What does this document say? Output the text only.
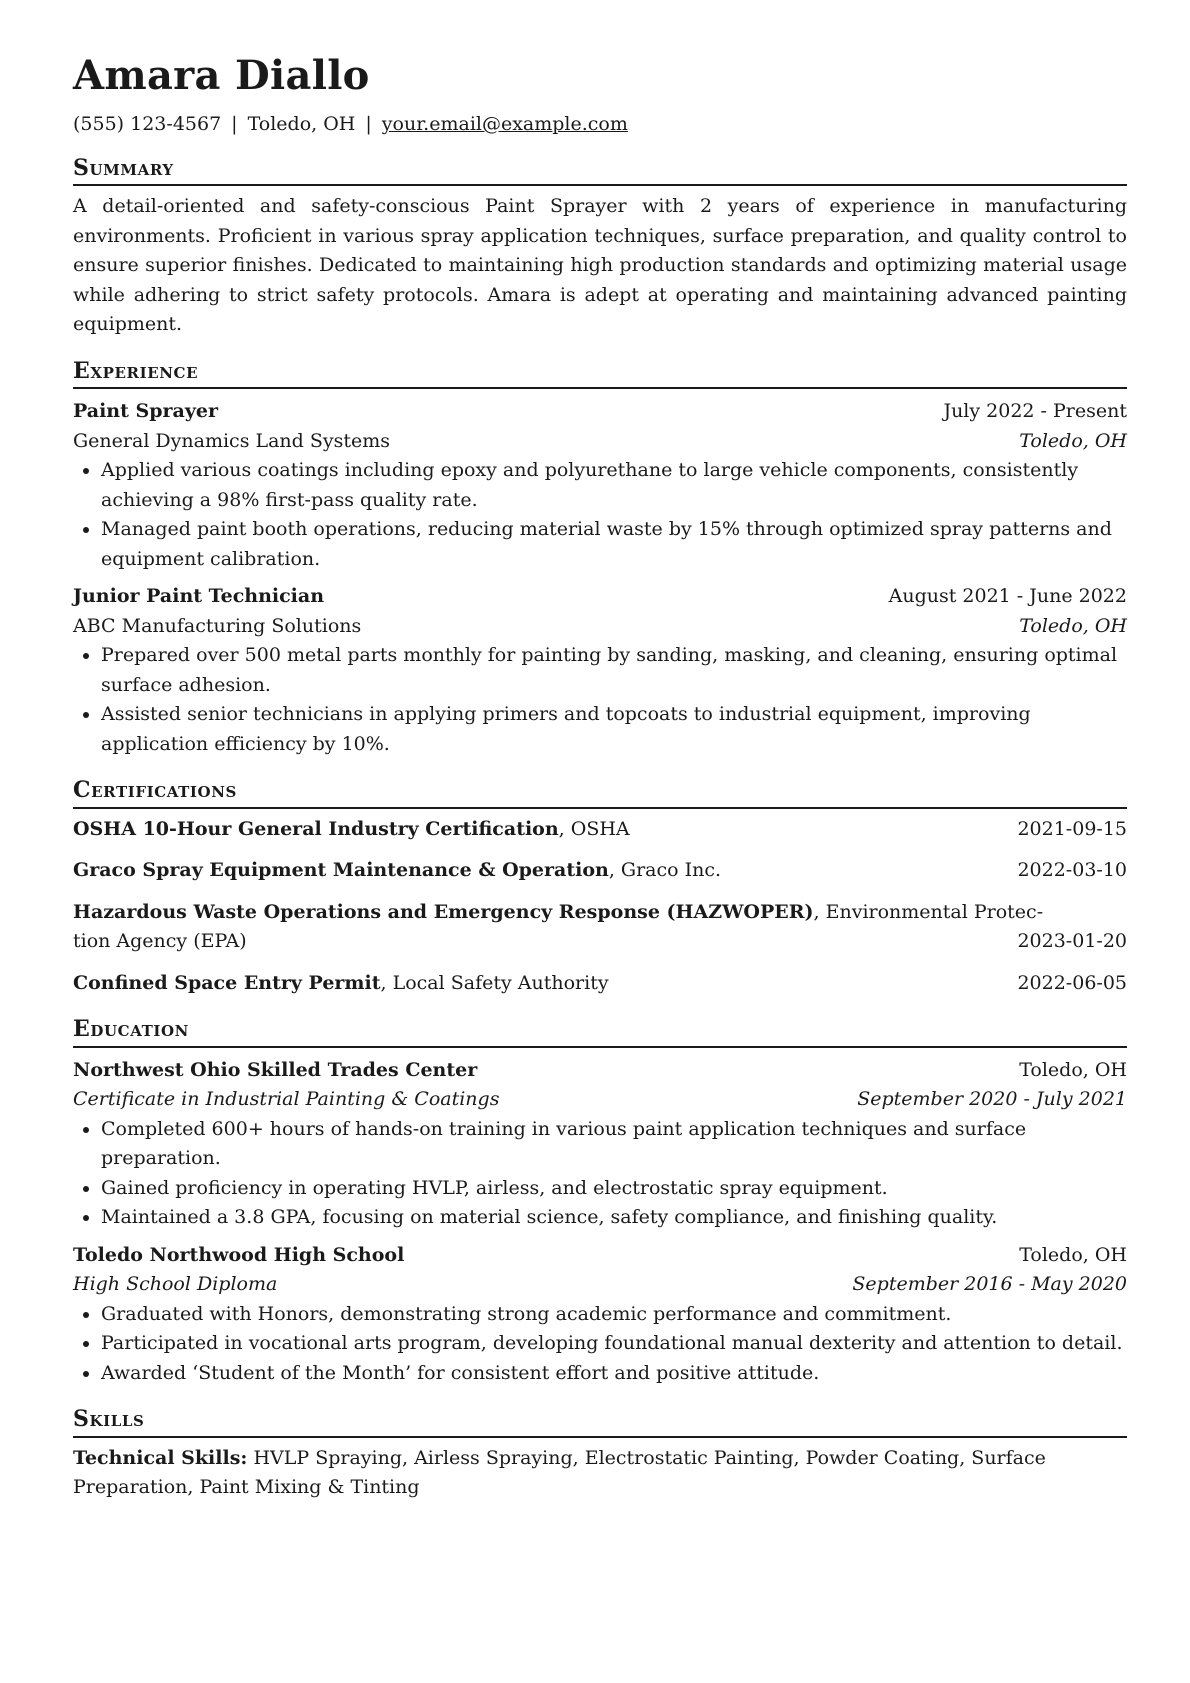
Amara Diallo
(555) 123-4567 | Toledo, OH | your.email@example.com
Summary
A detail-oriented and safety-conscious Paint Sprayer with 2 years of experience in manufacturing environments. Proficient in various spray application techniques, surface preparation, and quality control to ensure superior finishes. Dedicated to maintaining high production standards and optimizing material usage while adhering to strict safety protocols. Amara is adept at operating and maintaining advanced painting equipment.
Experience
Paint Sprayer	July 2022 - Present
General Dynamics Land Systems	Toledo, OH
• Applied various coatings including epoxy and polyurethane to large vehicle components, consistently achieving a 98% first-pass quality rate.
• Managed paint booth operations, reducing material waste by 15% through optimized spray patterns and equipment calibration.
Junior Paint Technician	August 2021 - June 2022
ABC Manufacturing Solutions	Toledo, OH
• Prepared over 500 metal parts monthly for painting by sanding, masking, and cleaning, ensuring optimal surface adhesion.
• Assisted senior technicians in applying primers and topcoats to industrial equipment, improving application efficiency by 10%.
Certifications
OSHA 10-Hour General Industry Certification, OSHA	2021-09-15
Graco Spray Equipment Maintenance & Operation, Graco Inc.	2022-03-10
Hazardous Waste Operations and Emergency Response (HAZWOPER), Environmental Protec-
tion Agency (EPA)	2023-01-20
Confined Space Entry Permit, Local Safety Authority	2022-06-05
Education
Northwest Ohio Skilled Trades Center	Toledo, OH
Certificate in Industrial Painting & Coatings	September 2020 - July 2021
• Completed 600+ hours of hands-on training in various paint application techniques and surface preparation.
• Gained proficiency in operating HVLP, airless, and electrostatic spray equipment.
• Maintained a 3.8 GPA, focusing on material science, safety compliance, and finishing quality.
Toledo Northwood High School	Toledo, OH
High School Diploma	September 2016 - May 2020
• Graduated with Honors, demonstrating strong academic performance and commitment.
• Participated in vocational arts program, developing foundational manual dexterity and attention to detail.
• Awarded ‘Student of the Month’ for consistent effort and positive attitude.
Skills
Technical Skills: HVLP Spraying, Airless Spraying, Electrostatic Painting, Powder Coating, Surface Preparation, Paint Mixing & Tinting
